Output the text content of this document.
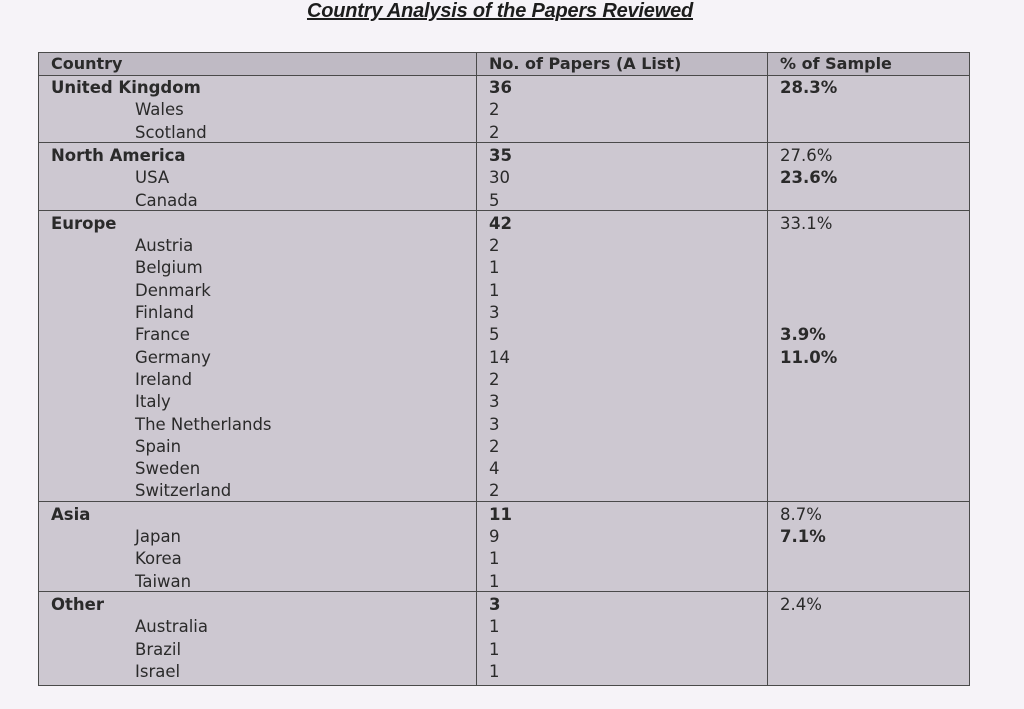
Country Analysis of the Papers Reviewed
Country	No. of Papers (A List)	% of Sample
United Kingdom	36	28.3%
Wales	2
Scotland	2
North America	35	27.6%
USA	30	23.6%
Canada	5
Europe	42	33.1%
Austria	2
Belgium	1
Denmark	1
Finland	3
France	5	3.9%
Germany	14	11.0%
Ireland	2
Italy	3
The Netherlands	3
Spain	2
Sweden	4
Switzerland	2
Asia	11	8.7%
Japan	9	7.1%
Korea	1
Taiwan	1
Other	3	2.4%
Australia	1
Brazil	1
Israel	1
